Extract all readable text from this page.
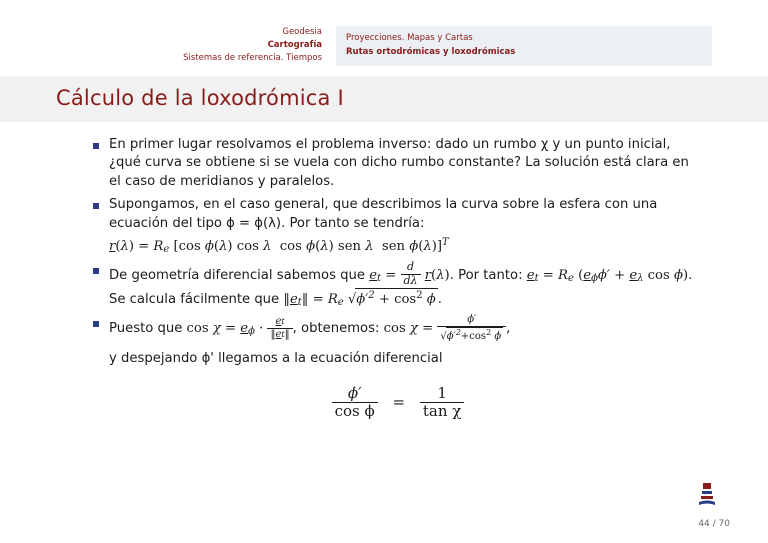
Geodesia
Cartografía
Sistemas de referencia. Tiempos
Proyecciones. Mapas y Cartas
Rutas ortodrómicas y loxodrómicas
Cálculo de la loxodrómica I
En primer lugar resolvamos el problema inverso: dado un rumbo χ y un punto inicial, ¿qué curva se obtiene si se vuela con dicho rumbo constante? La solución está clara en el caso de meridianos y paralelos.
Supongamos, en el caso general, que describimos la curva sobre la esfera con una ecuación del tipo ϕ = ϕ(λ). Por tanto se tendría:
r(λ) = Re [cos ϕ(λ) cos λ  cos ϕ(λ) sen λ  sen ϕ(λ)]$^T$
De geometría diferencial sabemos que et = $\frac{d}{d\lambda} r(\lambda)$. Por tanto: et = Re (eϕϕ′ + eλ cos ϕ). Se calcula fácilmente que ‖et‖ = Re $√\phi'^2 + \cos^2 \phi$ .
Puesto que $\cos \chi = e\phi \cdot \frac{et}{‖et‖}$ , obtenemos: $\cos \chi = \frac{\phi'}{√\phi'^2+\cos^2 \phi}$ ,
y despejando ϕ' llegamos a la ecuación diferencial
$\frac{\phi'}{\text{cos ϕ}} = \frac{1}{\text{tan χ}}$
44 / 70
